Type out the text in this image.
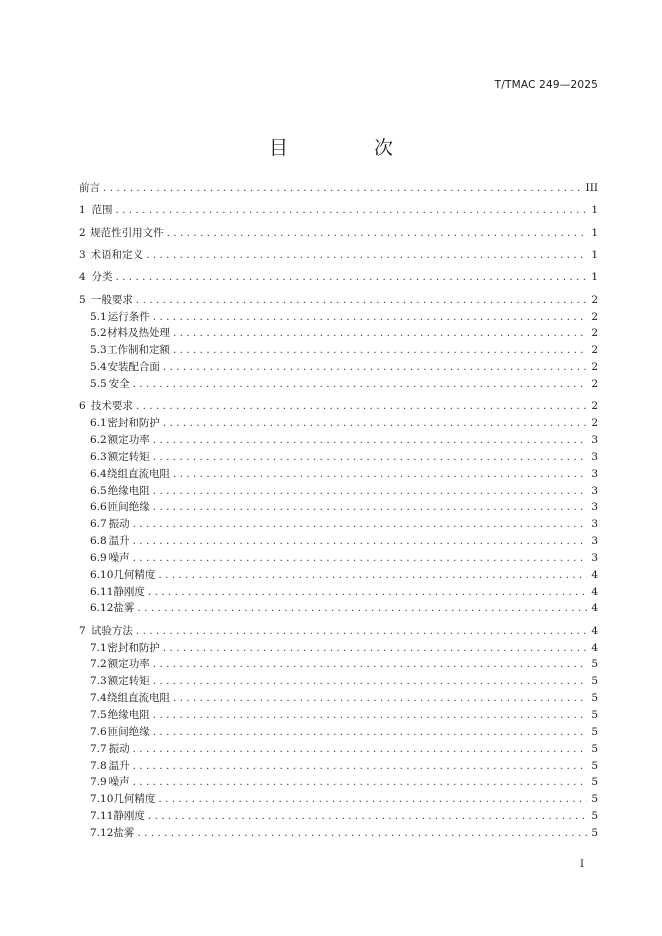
T/TMAC 249—2025
目 次
前言 . . .	III
1 范围 . . .	1
2 规范性引用文件 . . .	1
3 术语和定义 . . .	1
4 分类 . . .	1
5 一般要求 . . .	2
5.1 运行条件 . . .	2
5.2 材料及热处理 . . .	2
5.3 工作制和定额 . . .	2
5.4 安装配合面 . . .	2
5.5 安全 . . .	2
6 技术要求 . . .	2
6.1 密封和防护 . . .	2
6.2 额定功率 . . .	3
6.3 额定转矩 . . .	3
6.4 绕组直流电阻 . . .	3
6.5 绝缘电阻 . . .	3
6.6 匝间绝缘 . . .	3
6.7 振动 . . .	3
6.8 温升 . . .	3
6.9 噪声 . . .	3
6.10 几何精度 . . .	4
6.11 静刚度 . . .	4
6.12 盐雾 . . .	4
7 试验方法 . . .	4
7.1 密封和防护 . . .	4
7.2 额定功率 . . .	5
7.3 额定转矩 . . .	5
7.4 绕组直流电阻 . . .	5
7.5 绝缘电阻 . . .	5
7.6 匝间绝缘 . . .	5
7.7 振动 . . .	5
7.8 温升 . . .	5
7.9 噪声 . . .	5
7.10 几何精度 . . .	5
7.11 静刚度 . . .	5
7.12 盐雾 . . .	5
I
